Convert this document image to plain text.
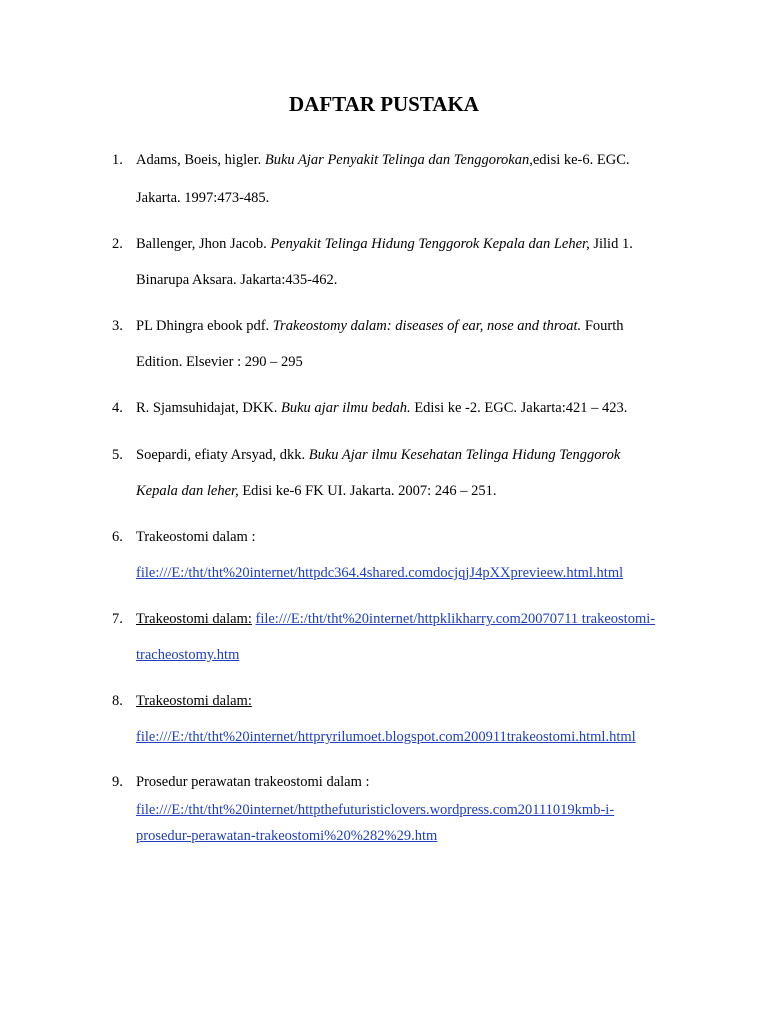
DAFTAR PUSTAKA
1. Adams, Boeis, higler. Buku Ajar Penyakit Telinga dan Tenggorokan,edisi ke-6. EGC.
Jakarta. 1997:473-485.
2. Ballenger, Jhon Jacob. Penyakit Telinga Hidung Tenggorok Kepala dan Leher, Jilid 1.
Binarupa Aksara. Jakarta:435-462.
3. PL Dhingra ebook pdf. Trakeostomy dalam: diseases of ear, nose and throat. Fourth
Edition. Elsevier : 290 – 295
4. R. Sjamsuhidajat, DKK. Buku ajar ilmu bedah. Edisi ke -2. EGC. Jakarta:421 – 423.
5. Soepardi, efiaty Arsyad, dkk. Buku Ajar ilmu Kesehatan Telinga Hidung Tenggorok
Kepala dan leher, Edisi ke-6 FK UI. Jakarta. 2007: 246 – 251.
6. Trakeostomi dalam :
file:///E:/tht/tht%20internet/httpdc364.4shared.comdocjqjJ4pXXprevieew.html.html
7. Trakeostomi dalam: file:///E:/tht/tht%20internet/httpklikharry.com20070711 trakeostomi-
tracheostomy.htm
8. Trakeostomi dalam:
file:///E:/tht/tht%20internet/httpryrilumoet.blogspot.com200911trakeostomi.html.html
9. Prosedur perawatan trakeostomi dalam :
file:///E:/tht/tht%20internet/httpthefuturisticlovers.wordpress.com20111019kmb-i-
prosedur-perawatan-trakeostomi%20%282%29.htm
